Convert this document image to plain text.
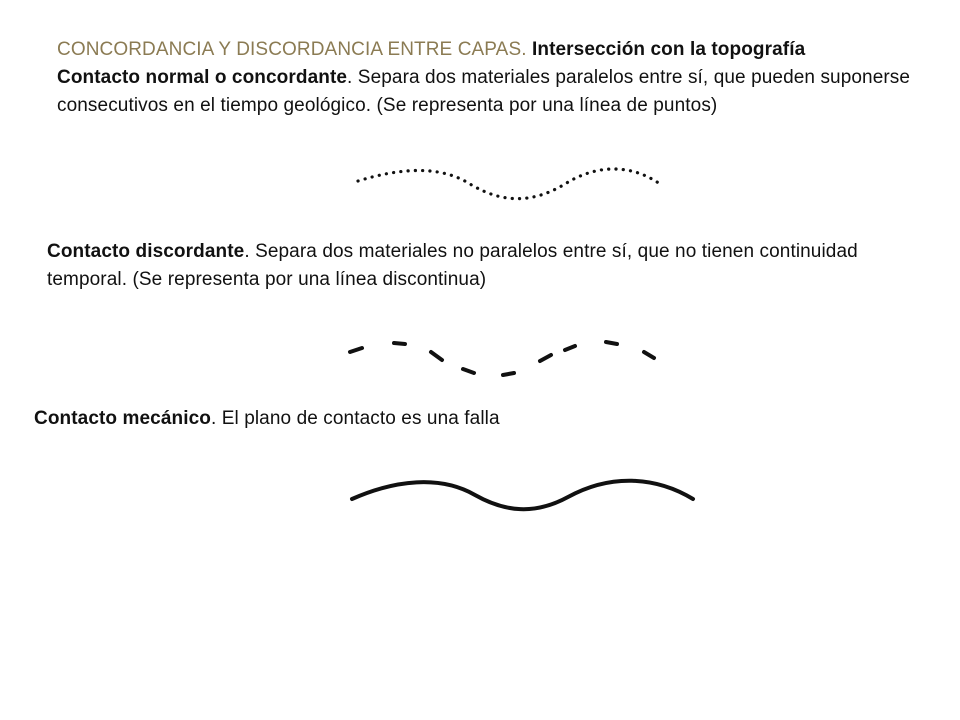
CONCORDANCIA Y DISCORDANCIA ENTRE CAPAS. Intersección con la topografía
Contacto normal o concordante. Separa dos materiales paralelos entre sí, que pueden suponerse consecutivos en el tiempo geológico. (Se representa por una línea de puntos)
Contacto discordante. Separa dos materiales no paralelos entre sí, que no tienen continuidad temporal. (Se representa por una línea discontinua)
Contacto mecánico. El plano de contacto es una falla
